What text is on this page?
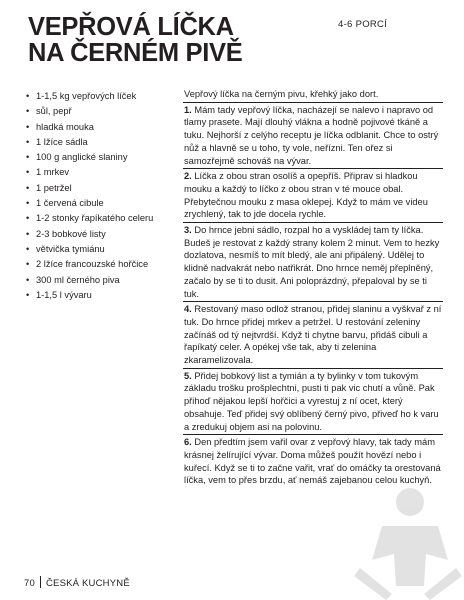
VEPŘOVÁ LÍČKA
NA ČERNÉM PIVĚ
4-6 PORCÍ
• 1-1,5 kg vepřových líček
• sůl, pepř
• hladká mouka
• 1 lžíce sádla
• 100 g anglické slaniny
• 1 mrkev
• 1 petržel
• 1 červená cibule
• 1-2 stonky řapíkatého celeru
• 2-3 bobkové listy
• větvička tymiánu
• 2 lžíce francouzské hořčice
• 300 ml černého piva
• 1-1,5 l vývaru

Vepřový líčka na černým pivu, křehký jako dort.

1. Mám tady vepřový líčka, nacházejí se nalevo i napravo od tlamy prasete. Mají dlouhý vlákna a hodně pojivové tkáně a tuku. Nejhorší z celýho receptu je líčka odblanit. Chce to ostrý nůž a hlavně se u toho, ty vole, neřízni. Ten ořez si samozřejmě schováš na vývar.

2. Líčka z obou stran osolíš a opepříš. Připrav si hladkou mouku a každý to líčko z obou stran v té mouce obal. Přebytečnou mouku z masa oklepej. Když to mám ve videu zrychlený, tak to jde docela rychle.

3. Do hrnce jebni sádlo, rozpal ho a vyskládej tam ty líčka. Budeš je restovat z každý strany kolem 2 minut. Vem to hezky dozlatova, nesmíš to mít bledý, ale ani připálený. Udělej to klidně nadvakrát nebo natřikrát. Dno hrnce neměj přeplněný, začalo by se ti to dusit. Ani poloprázdný, přepaloval by se ti tuk.

4. Restovaný maso odlož stranou, přidej slaninu a vyškvař z ní tuk. Do hrnce přidej mrkev a petržel. U restování zeleniny začínáš od tý nejtvrdší. Když ti chytne barvu, přidáš cibuli a řapíkatý celer. A opékej vše tak, aby ti zelenina zkaramelizovala.

5. Přidej bobkový list a tymián a ty bylinky v tom tukovým základu trošku prošplechtni, pusti ti pak vic chutí a vůně. Pak přihoď nějakou lepší hořčici a vyrestuj z ní ocet, který obsahuje. Teď přidej svý oblíbený černý pivo, přiveď ho k varu a zredukuj objem asi na polovinu.

6. Den předtím jsem vařil ovar z vepřový hlavy, tak tady mám krásnej želírující vývar. Doma můžeš použít hovězí nebo i kuřecí. Když se ti to začne vařit, vrať do omáčky ta orestovaná líčka, vem to přes brzdu, ať nemáš zajebanou celou kuchyň.

70 ČESKÁ KUCHYNĚ
